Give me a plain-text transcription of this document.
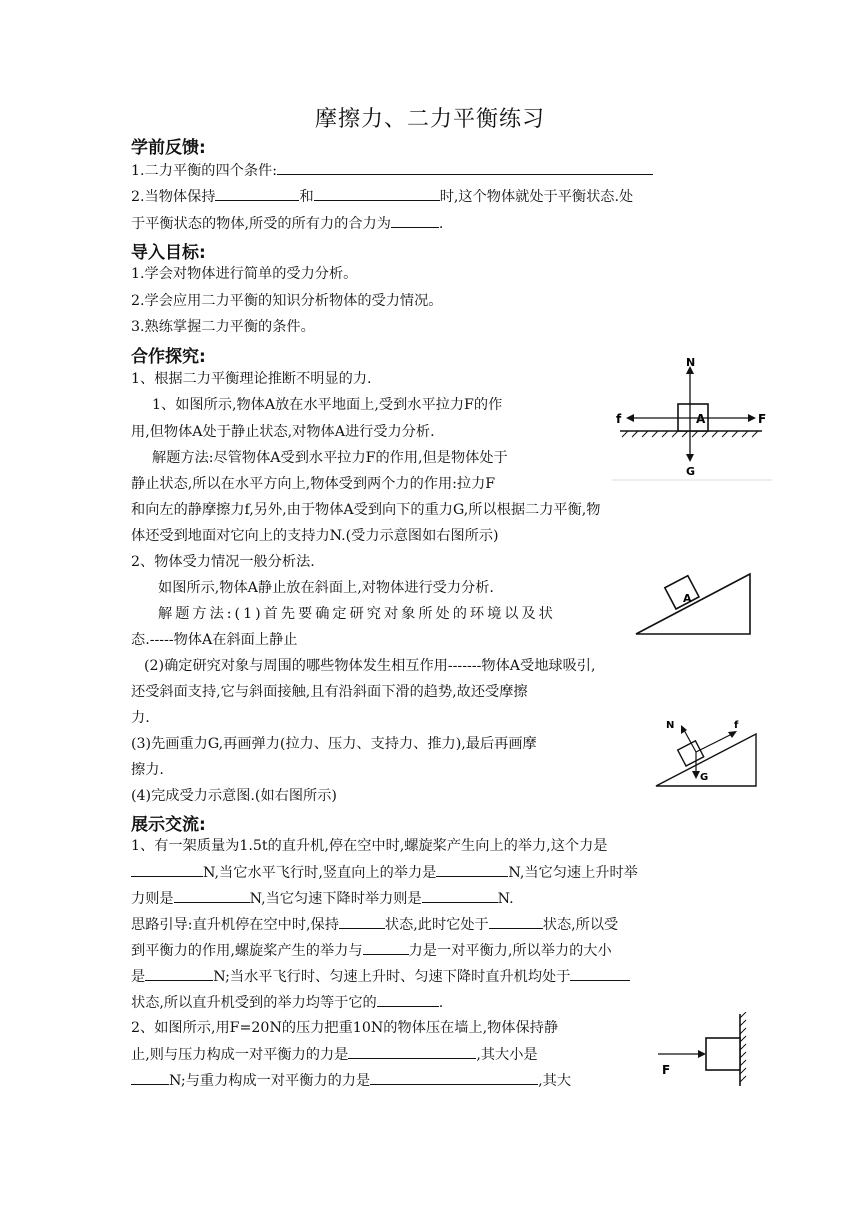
摩擦力、二力平衡练习
学前反馈:
1.二力平衡的四个条件:
2.当物体保持	和	时,这个物体就处于平衡状态.处
于平衡状态的物体,所受的所有力的合力为	.
导入目标:
1.学会对物体进行简单的受力分析。
2.学会应用二力平衡的知识分析物体的受力情况。
3.熟练掌握二力平衡的条件。
合作探究:
1、根据二力平衡理论推断不明显的力.
1、如图所示,物体A放在水平地面上,受到水平拉力F的作
用,但物体A处于静止状态,对物体A进行受力分析.
解题方法:尽管物体A受到水平拉力F的作用,但是物体处于
静止状态,所以在水平方向上,物体受到两个力的作用:拉力F
和向左的静摩擦力f,另外,由于物体A受到向下的重力G,所以根据二力平衡,物
体还受到地面对它向上的支持力N.(受力示意图如右图所示)
2、物体受力情况一般分析法.
如图所示,物体A静止放在斜面上,对物体进行受力分析.
解题方法:(1)首先要确定研究对象所处的环境以及状
态.-----物体A在斜面上静止
(2)确定研究对象与周围的哪些物体发生相互作用-------物体A受地球吸引,
还受斜面支持,它与斜面接触,且有沿斜面下滑的趋势,故还受摩擦
力.
(3)先画重力G,再画弹力(拉力、压力、支持力、推力),最后再画摩
擦力.
(4)完成受力示意图.(如右图所示)
展示交流:
1、有一架质量为1.5t的直升机,停在空中时,螺旋桨产生向上的举力,这个力是
N,当它水平飞行时,竖直向上的举力是	N,当它匀速上升时举
力则是	N,当它匀速下降时举力则是	N.
思路引导:直升机停在空中时,保持	状态,此时它处于	状态,所以受
到平衡力的作用,螺旋桨产生的举力与	力是一对平衡力,所以举力的大小
是	N;当水平飞行时、匀速上升时、匀速下降时直升机均处于
状态,所以直升机受到的举力均等于它的	.
2、如图所示,用F=20N的压力把重10N的物体压在墙上,物体保持静
止,则与压力构成一对平衡力的力是	,其大小是
N;与重力构成一对平衡力的力是	,其大
A
N
G
F
f
A
N	f
G
F
